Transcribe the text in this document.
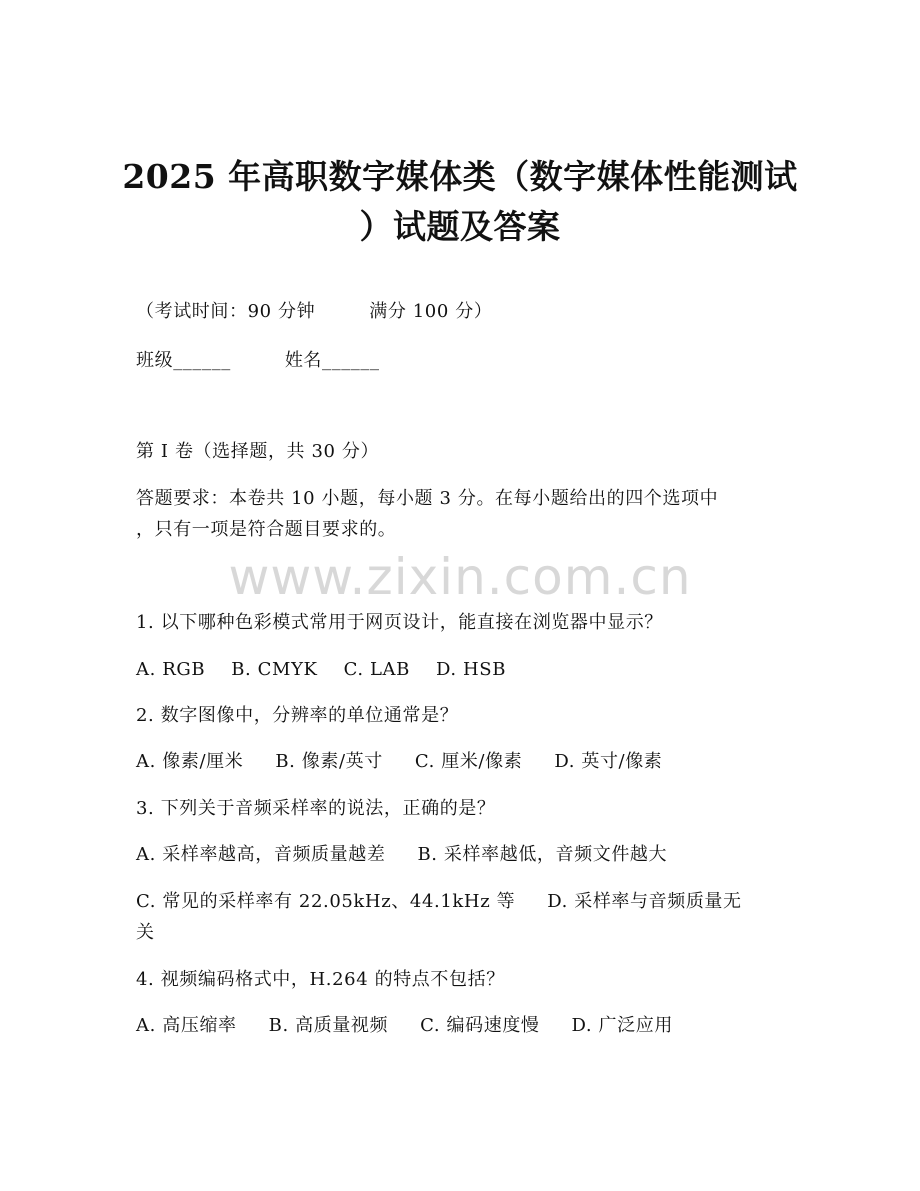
2025 年高职数字媒体类（数字媒体性能测试
）试题及答案
（考试时间：90 分钟	满分 100 分）
班级______	姓名______
第 I 卷（选择题，共 30 分）
答题要求：本卷共 10 小题，每小题 3 分。在每小题给出的四个选项中
，只有一项是符合题目要求的。
www.zixin.com.cn
1. 以下哪种色彩模式常用于网页设计，能直接在浏览器中显示？
A. RGB B. CMYK C. LAB D. HSB
2. 数字图像中，分辨率的单位通常是？
A. 像素/厘米 B. 像素/英寸 C. 厘米/像素 D. 英寸/像素
3. 下列关于音频采样率的说法，正确的是？
A. 采样率越高，音频质量越差 B. 采样率越低，音频文件越大
C. 常见的采样率有 22.05kHz、44.1kHz 等 D. 采样率与音频质量无
关
4. 视频编码格式中，H.264 的特点不包括？
A. 高压缩率 B. 高质量视频 C. 编码速度慢 D. 广泛应用
